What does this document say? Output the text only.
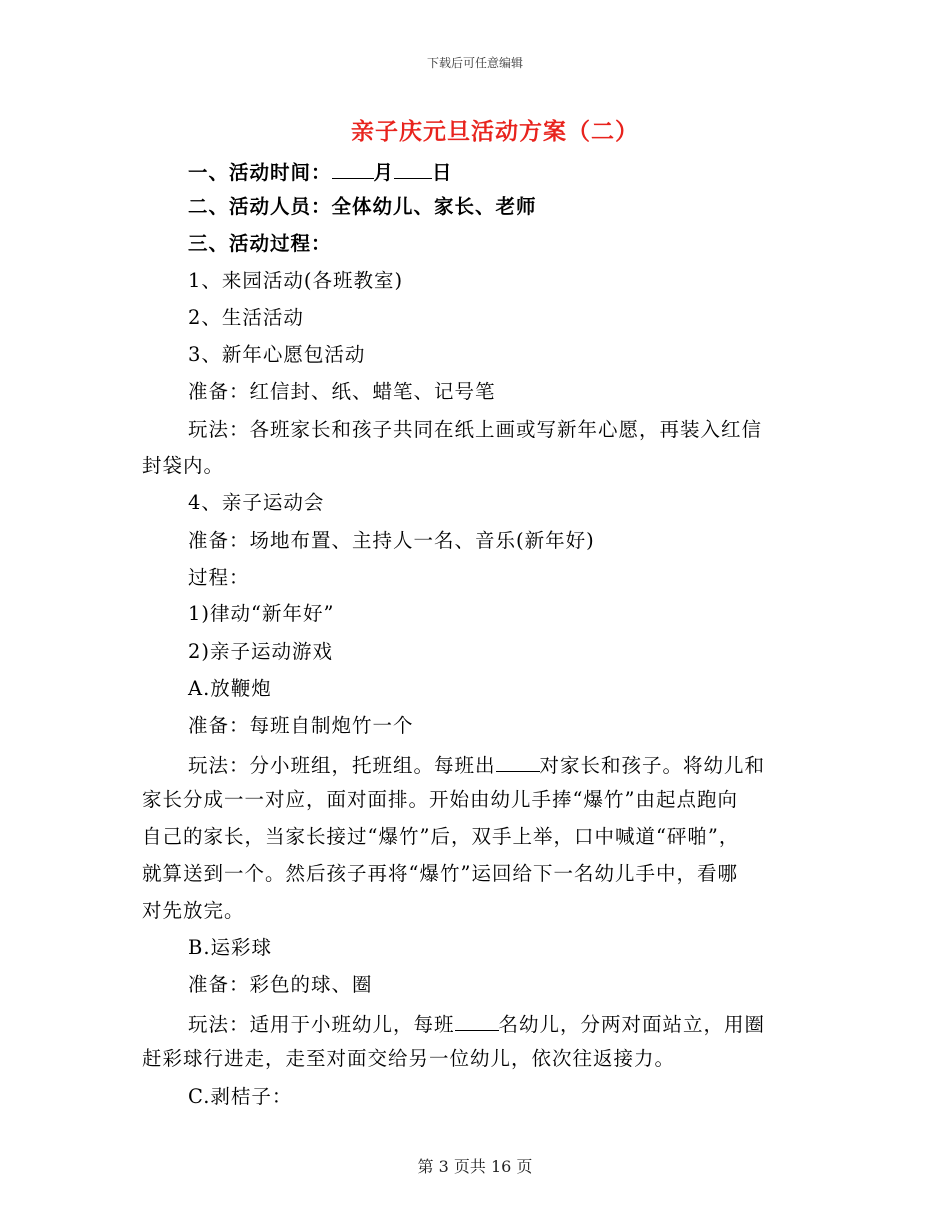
下载后可任意编辑
亲子庆元旦活动方案（二）
一、活动时间： 月 日
二、活动人员：全体幼儿、家长、老师
三、活动过程：
1、来园活动(各班教室)
2、生活活动
3、新年心愿包活动
准备：红信封、纸、蜡笔、记号笔
玩法：各班家长和孩子共同在纸上画或写新年心愿，再装入红信
封袋内。
4、亲子运动会
准备：场地布置、主持人一名、音乐(新年好)
过程：
1)律动“新年好”
2)亲子运动游戏
A.放鞭炮
准备：每班自制炮竹一个
玩法：分小班组，托班组。每班出 对家长和孩子。将幼儿和
家长分成一一对应，面对面排。开始由幼儿手捧“爆竹”由起点跑向
自己的家长，当家长接过“爆竹”后，双手上举，口中喊道“砰啪”，
就算送到一个。然后孩子再将“爆竹”运回给下一名幼儿手中，看哪
对先放完。
B.运彩球
准备：彩色的球、圈
玩法：适用于小班幼儿，每班 名幼儿，分两对面站立，用圈
赶彩球行进走，走至对面交给另一位幼儿，依次往返接力。
C.剥桔子：
第 3 页共 16 页
